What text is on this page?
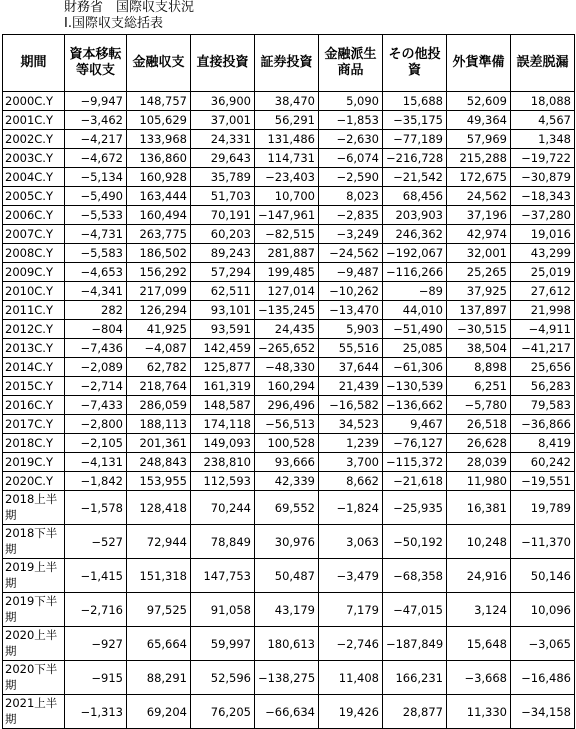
財務省　国際収支状況
Ⅰ.国際収支総括表
期間	資本移転等収支	金融収支	直接投資	証券投資	金融派生商品	その他投資	外貨準備	誤差脱漏
2000C.Y	−9,947	148,757	36,900	38,470	5,090	15,688	52,609	18,088
2001C.Y	−3,462	105,629	37,001	56,291	−1,853	−35,175	49,364	4,567
2002C.Y	−4,217	133,968	24,331	131,486	−2,630	−77,189	57,969	1,348
2003C.Y	−4,672	136,860	29,643	114,731	−6,074	−216,728	215,288	−19,722
2004C.Y	−5,134	160,928	35,789	−23,403	−2,590	−21,542	172,675	−30,879
2005C.Y	−5,490	163,444	51,703	10,700	8,023	68,456	24,562	−18,343
2006C.Y	−5,533	160,494	70,191	−147,961	−2,835	203,903	37,196	−37,280
2007C.Y	−4,731	263,775	60,203	−82,515	−3,249	246,362	42,974	19,016
2008C.Y	−5,583	186,502	89,243	281,887	−24,562	−192,067	32,001	43,299
2009C.Y	−4,653	156,292	57,294	199,485	−9,487	−116,266	25,265	25,019
2010C.Y	−4,341	217,099	62,511	127,014	−10,262	−89	37,925	27,612
2011C.Y	282	126,294	93,101	−135,245	−13,470	44,010	137,897	21,998
2012C.Y	−804	41,925	93,591	24,435	5,903	−51,490	−30,515	−4,911
2013C.Y	−7,436	−4,087	142,459	−265,652	55,516	25,085	38,504	−41,217
2014C.Y	−2,089	62,782	125,877	−48,330	37,644	−61,306	8,898	25,656
2015C.Y	−2,714	218,764	161,319	160,294	21,439	−130,539	6,251	56,283
2016C.Y	−7,433	286,059	148,587	296,496	−16,582	−136,662	−5,780	79,583
2017C.Y	−2,800	188,113	174,118	−56,513	34,523	9,467	26,518	−36,866
2018C.Y	−2,105	201,361	149,093	100,528	1,239	−76,127	26,628	8,419
2019C.Y	−4,131	248,843	238,810	93,666	3,700	−115,372	28,039	60,242
2020C.Y	−1,842	153,955	112,593	42,339	8,662	−21,618	11,980	−19,551
2018上半期	−1,578	128,418	70,244	69,552	−1,824	−25,935	16,381	19,789
2018下半期	−527	72,944	78,849	30,976	3,063	−50,192	10,248	−11,370
2019上半期	−1,415	151,318	147,753	50,487	−3,479	−68,358	24,916	50,146
2019下半期	−2,716	97,525	91,058	43,179	7,179	−47,015	3,124	10,096
2020上半期	−927	65,664	59,997	180,613	−2,746	−187,849	15,648	−3,065
2020下半期	−915	88,291	52,596	−138,275	11,408	166,231	−3,668	−16,486
2021上半期	−1,313	69,204	76,205	−66,634	19,426	28,877	11,330	−34,158
